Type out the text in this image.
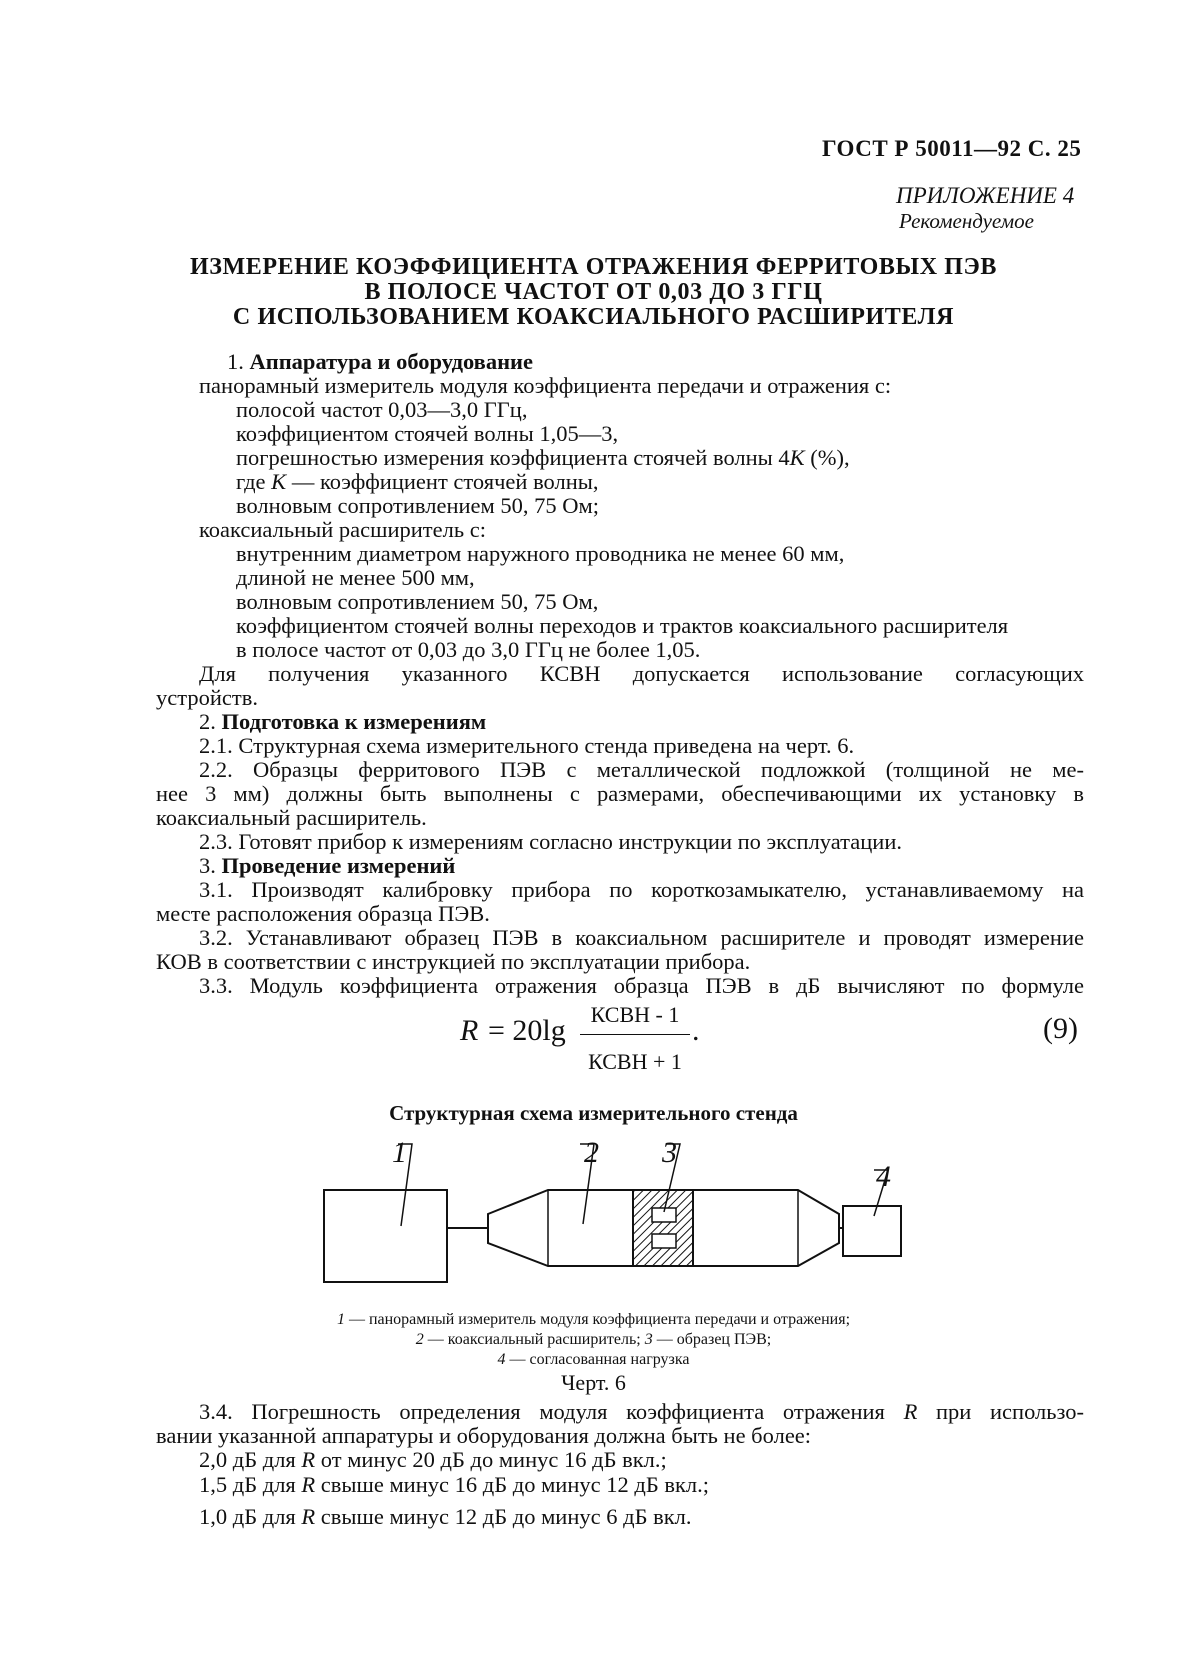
ГОСТ Р 50011—92 С. 25
ПРИЛОЖЕНИЕ 4
Рекомендуемое
ИЗМЕРЕНИЕ КОЭФФИЦИЕНТА ОТРАЖЕНИЯ ФЕРРИТОВЫХ ПЭВ
В ПОЛОСЕ ЧАСТОТ ОТ 0,03 ДО 3 ГГЦ
С ИСПОЛЬЗОВАНИЕМ КОАКСИАЛЬНОГО РАСШИРИТЕЛЯ
1. Аппаратура и оборудование
панорамный измеритель модуля коэффициента передачи и отражения с:
полосой частот 0,03—3,0 ГГц,
коэффициентом стоячей волны 1,05—3,
погрешностью измерения коэффициента стоячей волны 4K (%),
где K — коэффициент стоячей волны,
волновым сопротивлением 50, 75 Ом;
коаксиальный расширитель с:
внутренним диаметром наружного проводника не менее 60 мм,
длиной не менее 500 мм,
волновым сопротивлением 50, 75 Ом,
коэффициентом стоячей волны переходов и трактов коаксиального расширителя
в полосе частот от 0,03 до 3,0 ГГц не более 1,05.
Для получения указанного КСВН допускается использование согласующих
устройств.
2. Подготовка к измерениям
2.1. Структурная схема измерительного стенда приведена на черт. 6.
2.2. Образцы ферритового ПЭВ с металлической подложкой (толщиной не ме-
нее 3 мм) должны быть выполнены с размерами, обеспечивающими их установку в
коаксиальный расширитель.
2.3. Готовят прибор к измерениям согласно инструкции по эксплуатации.
3. Проведение измерений
3.1. Производят калибровку прибора по короткозамыкателю, устанавливаемому на
месте расположения образца ПЭВ.
3.2. Устанавливают образец ПЭВ в коаксиальном расширителе и проводят измерение
КОВ в соответствии с инструкцией по эксплуатации прибора.
3.3. Модуль коэффициента отражения образца ПЭВ в дБ вычисляют по формуле
R = 20lg	КСВН - 1
КСВН + 1
.	(9)
Структурная схема измерительного стенда
1	2 3
4
1 — панорамный измеритель модуля коэффициента передачи и отражения;
2 — коаксиальный расширитель; 3 — образец ПЭВ;
4 — согласованная нагрузка
Черт. 6
3.4. Погрешность определения модуля коэффициента отражения R при использо-
вании указанной аппаратуры и оборудования должна быть не более:
2,0 дБ для R от минус 20 дБ до минус 16 дБ вкл.;
1,5 дБ для R свыше минус 16 дБ до минус 12 дБ вкл.;
1,0 дБ для R свыше минус 12 дБ до минус 6 дБ вкл.
